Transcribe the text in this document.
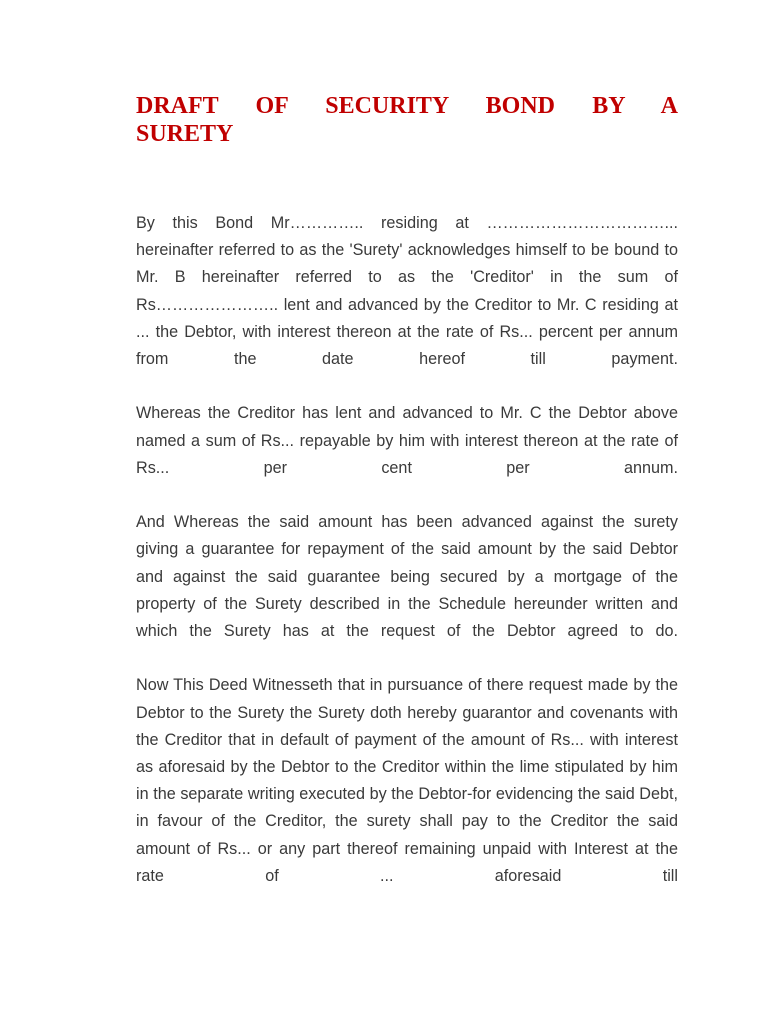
DRAFT OF SECURITY BOND BY A
SURETY

By this Bond Mr………….. residing at ……………………………... hereinafter referred to as the 'Surety' acknowledges himself to be bound to Mr. B hereinafter referred to as the 'Creditor' in the sum of Rs………………….. lent and advanced by the Creditor to Mr. C residing at ... the Debtor, with interest thereon at the rate of Rs... percent per annum from the date hereof till payment.

Whereas the Creditor has lent and advanced to Mr. C the Debtor above named a sum of Rs... repayable by him with interest thereon at the rate of Rs... per cent per annum.

And Whereas the said amount has been advanced against the surety giving a guarantee for repayment of the said amount by the said Debtor and against the said guarantee being secured by a mortgage of the property of the Surety described in the Schedule hereunder written and which the Surety has at the request of the Debtor agreed to do.

Now This Deed Witnesseth that in pursuance of there request made by the Debtor to the Surety the Surety doth hereby guarantor and covenants with the Creditor that in default of payment of the amount of Rs... with interest as aforesaid by the Debtor to the Creditor within the lime stipulated by him in the separate writing executed by the Debtor-for evidencing the said Debt, in favour of the Creditor, the surety shall pay to the Creditor the said amount of Rs... or any part thereof remaining unpaid with Interest at the rate of ... aforesaid till
